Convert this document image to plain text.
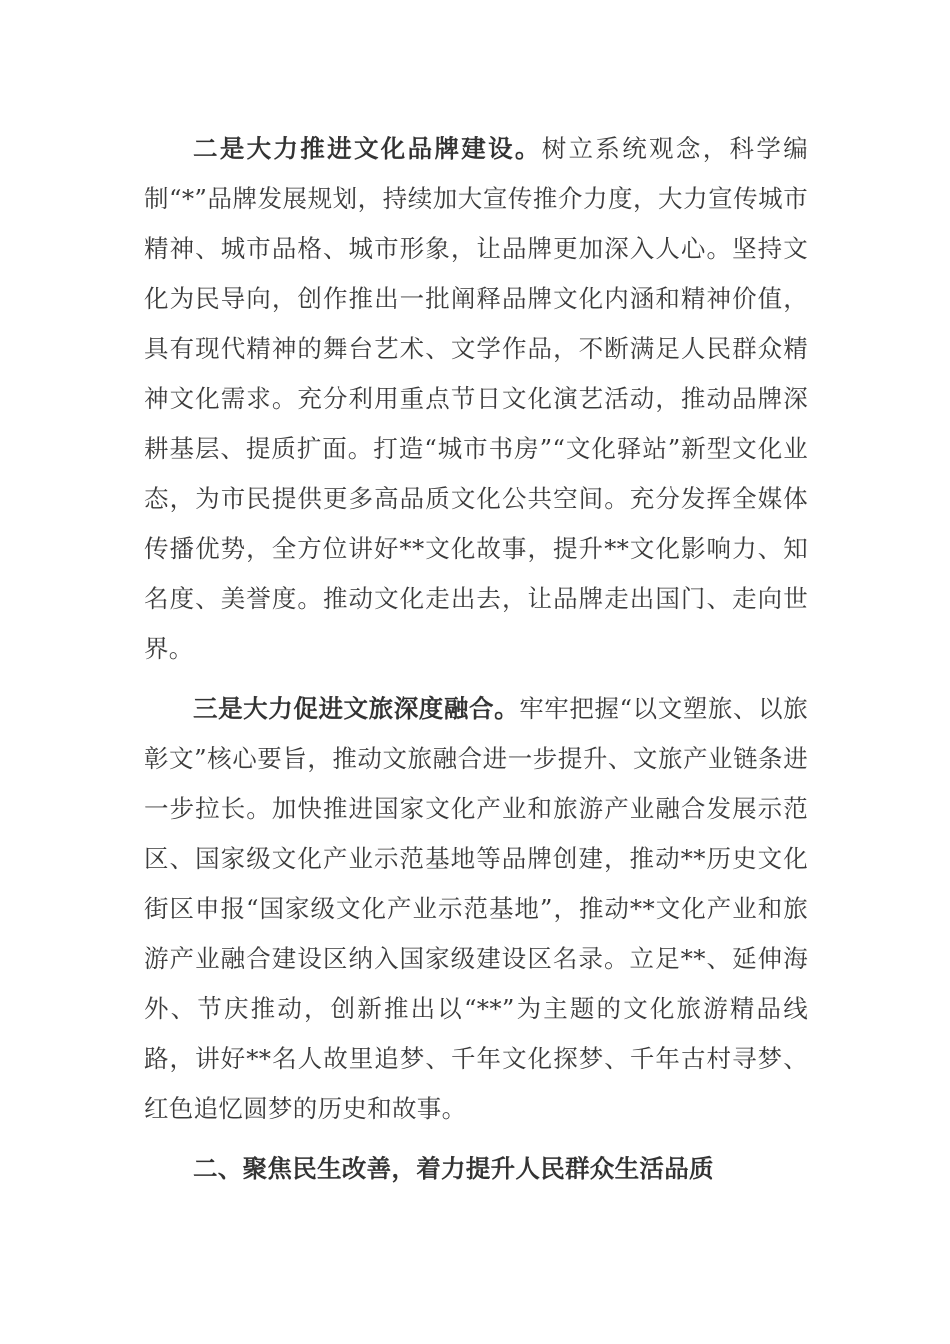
二是大力推进文化品牌建设。树立系统观念，科学编制“*”品牌发展规划，持续加大宣传推介力度，大力宣传城市精神、城市品格、城市形象，让品牌更加深入人心。坚持文化为民导向，创作推出一批阐释品牌文化内涵和精神价值，具有现代精神的舞台艺术、文学作品，不断满足人民群众精神文化需求。充分利用重点节日文化演艺活动，推动品牌深耕基层、提质扩面。打造“城市书房”“文化驿站”新型文化业态，为市民提供更多高品质文化公共空间。充分发挥全媒体传播优势，全方位讲好**文化故事，提升**文化影响力、知名度、美誉度。推动文化走出去，让品牌走出国门、走向世界。

三是大力促进文旅深度融合。牢牢把握“以文塑旅、以旅彰文”核心要旨，推动文旅融合进一步提升、文旅产业链条进一步拉长。加快推进国家文化产业和旅游产业融合发展示范区、国家级文化产业示范基地等品牌创建，推动**历史文化街区申报“国家级文化产业示范基地”，推动**文化产业和旅游产业融合建设区纳入国家级建设区名录。立足**、延伸海外、节庆推动，创新推出以“**”为主题的文化旅游精品线路，讲好**名人故里追梦、千年文化探梦、千年古村寻梦、红色追忆圆梦的历史和故事。

二、聚焦民生改善，着力提升人民群众生活品质
